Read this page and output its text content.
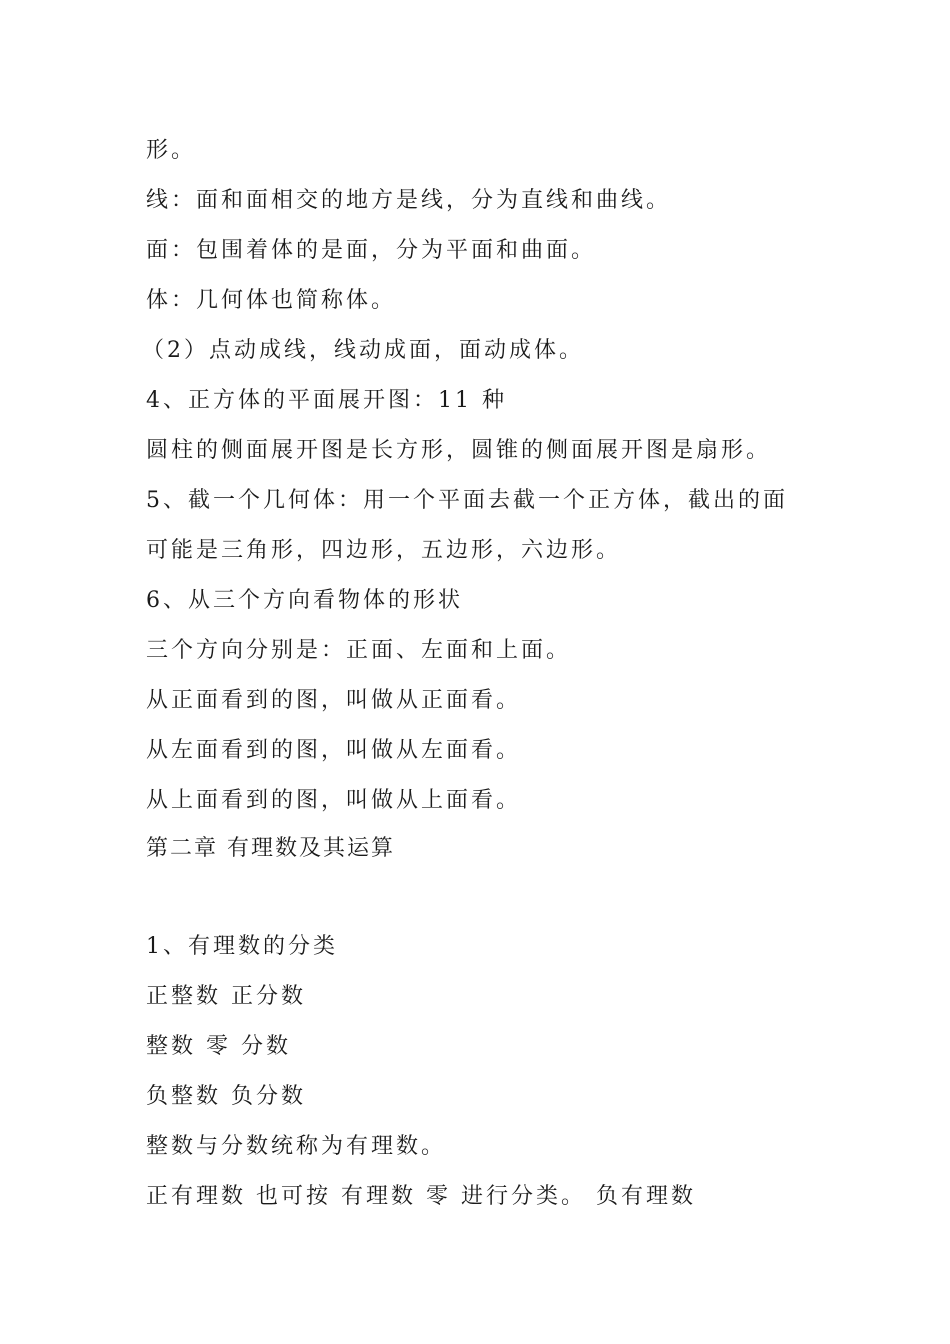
形。

线：面和面相交的地方是线，分为直线和曲线。

面：包围着体的是面，分为平面和曲面。

体：几何体也简称体。

（2）点动成线，线动成面，面动成体。

4、正方体的平面展开图：11 种

圆柱的侧面展开图是长方形，圆锥的侧面展开图是扇形。

5、截一个几何体：用一个平面去截一个正方体，截出的面

可能是三角形，四边形，五边形，六边形。

6、从三个方向看物体的形状

三个方向分别是：正面、左面和上面。

从正面看到的图，叫做从正面看。

从左面看到的图，叫做从左面看。

从上面看到的图，叫做从上面看。

第二章 有理数及其运算

1、有理数的分类

正整数 正分数

整数 零 分数

负整数 负分数

整数与分数统称为有理数。

正有理数 也可按 有理数 零 进行分类。 负有理数
